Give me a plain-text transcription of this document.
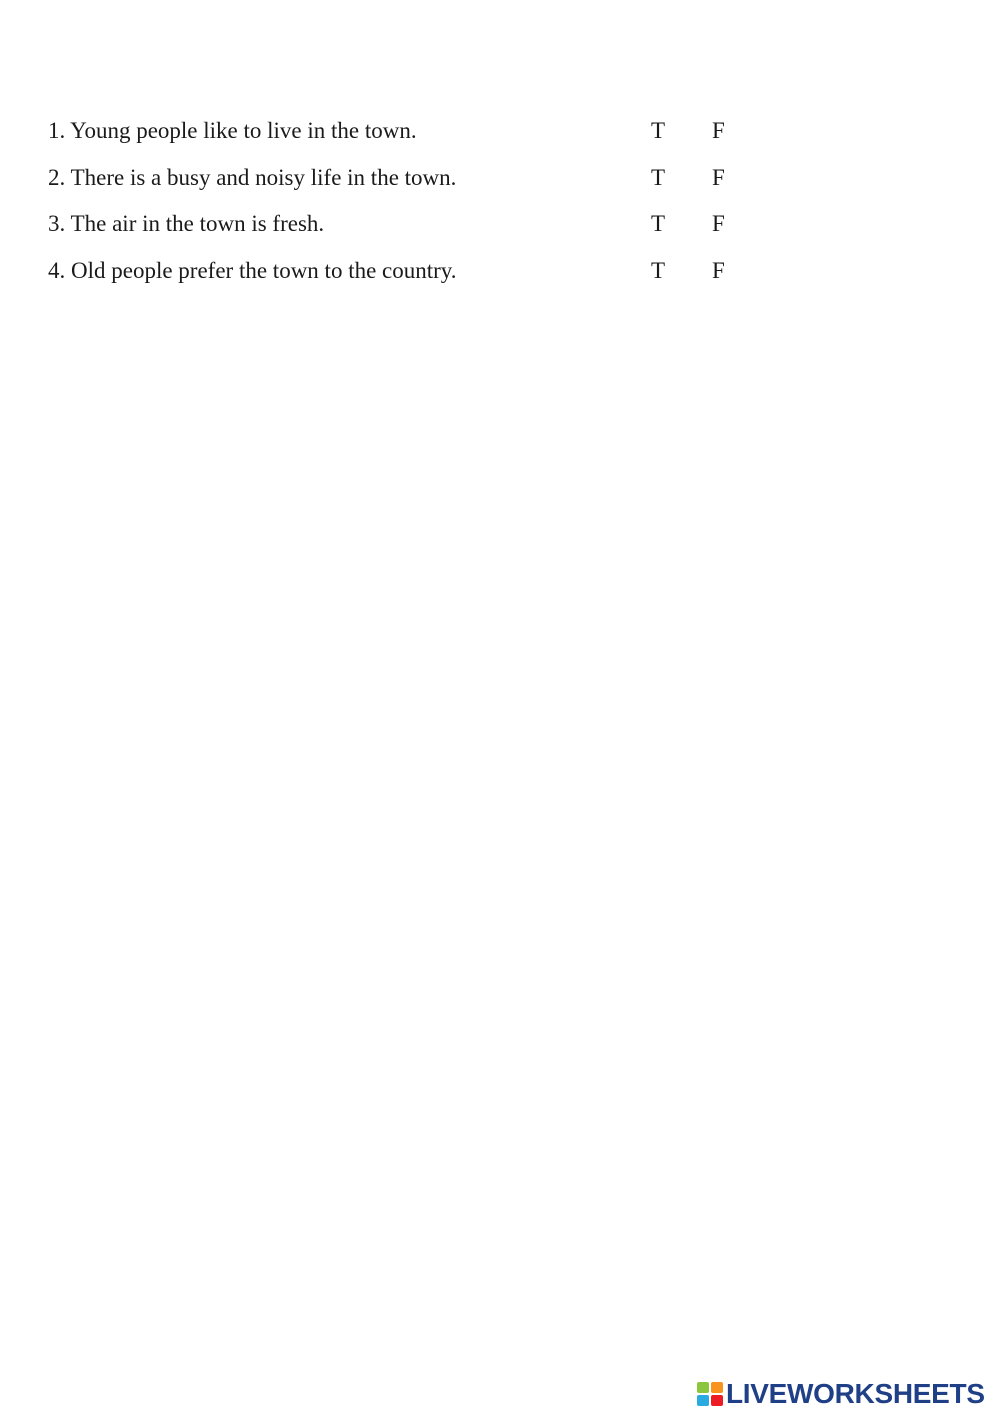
1. Young people like to live in the town.	T F
2. There is a busy and noisy life in the town.	T F
3. The air in the town is fresh.	T F
4. Old people prefer the town to the country.	T F
LIVEWORKSHEETS
